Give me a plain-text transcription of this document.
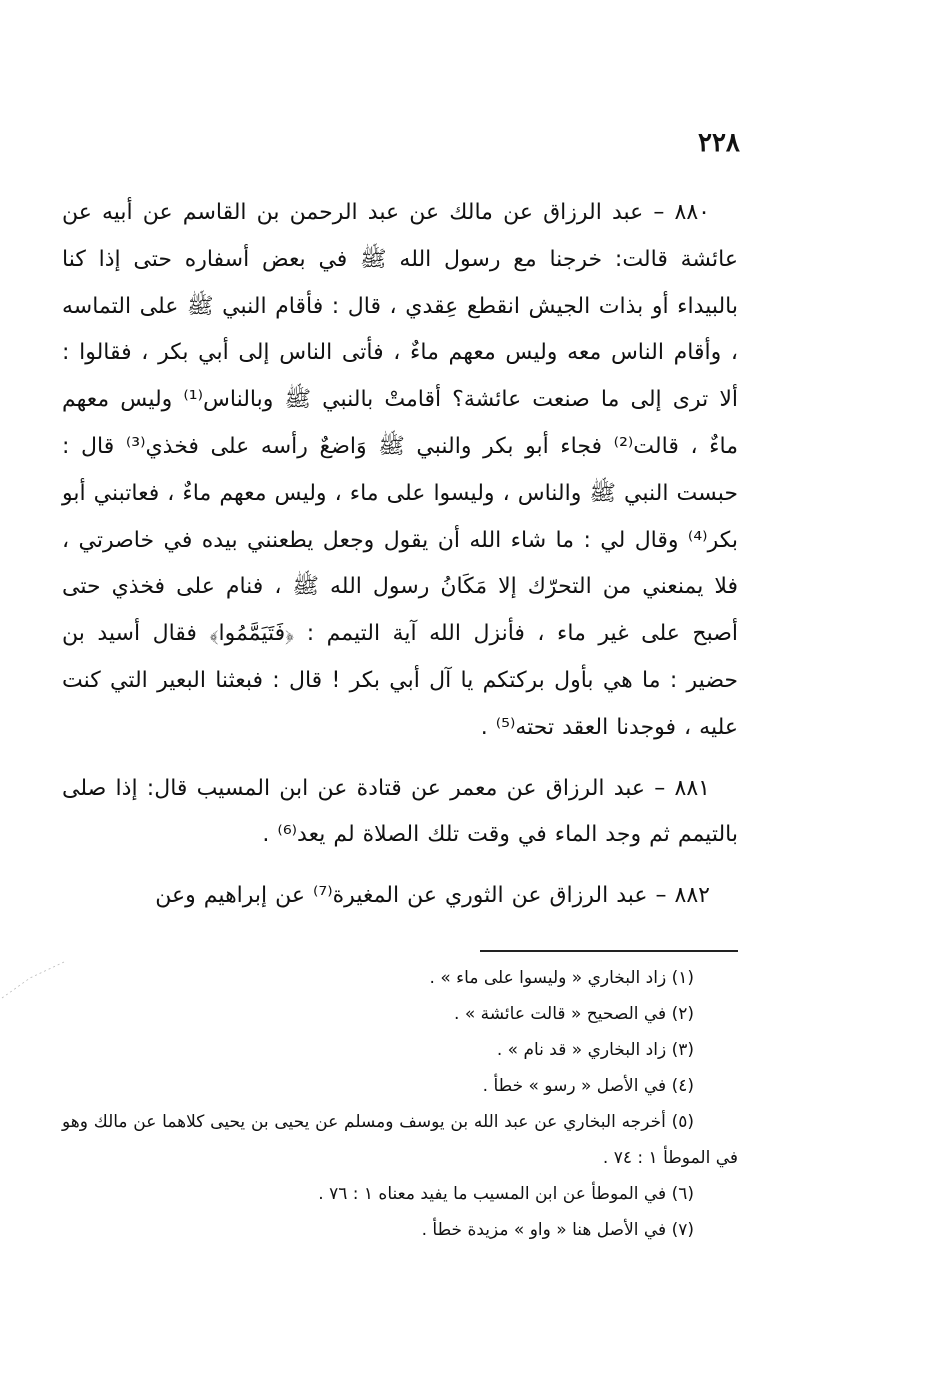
٢٢٨

٨٨٠ – عبد الرزاق عن مالك عن عبد الرحمن بن القاسم عن أبيه عن عائشة قالت: خرجنا مع رسول الله ﷺ في بعض أسفاره حتى إذا كنا بالبيداء أو بذات الجيش انقطع عِقدي ، قال : فأقام النبي ﷺ على التماسه ، وأقام الناس معه وليس معهم ماءٌ ، فأتى الناس إلى أبي بكر ، فقالوا : ألا ترى إلى ما صنعت عائشة؟ أقامتْ بالنبي ﷺ وبالناس⁽¹⁾ وليس معهم ماءٌ ، قالت⁽²⁾ فجاء أبو بكر والنبي ﷺ وَاضعٌ رأسه على فخذي⁽³⁾ قال : حبست النبي ﷺ والناس ، وليسوا على ماء ، وليس معهم ماءٌ ، فعاتبني أبو بكر⁽⁴⁾ وقال لي : ما شاء الله أن يقول وجعل يطعنني بيده في خاصرتي ، فلا يمنعني من التحرّك إلا مَكَانُ رسول الله ﷺ ، فنام على فخذي حتى أصبح على غير ماء ، فأنزل الله آية التيمم : ﴿فَتَيَمَّمُوا﴾ فقال أسيد بن حضير : ما هي بأول بركتكم يا آل أبي بكر ! قال : فبعثنا البعير التي كنت عليه ، فوجدنا العقد تحته⁽⁵⁾ .

٨٨١ – عبد الرزاق عن معمر عن قتادة عن ابن المسيب قال: إذا صلى بالتيمم ثم وجد الماء في وقت تلك الصلاة لم يعد⁽⁶⁾ .

٨٨٢ – عبد الرزاق عن الثوري عن المغيرة⁽⁷⁾ عن إبراهيم وعن

(١) زاد البخاري « وليسوا على ماء » .

(٢) في الصحيح « قالت عائشة » .

(٣) زاد البخاري « قد نام » .

(٤) في الأصل « رسو » خطأ .

(٥) أخرجه البخاري عن عبد الله بن يوسف ومسلم عن يحيى بن يحيى كلاهما عن مالك وهو في الموطأ ١ : ٧٤ .

(٦) في الموطأ عن ابن المسيب ما يفيد معناه ١ : ٧٦ .

(٧) في الأصل هنا « واو » مزيدة خطأ .
